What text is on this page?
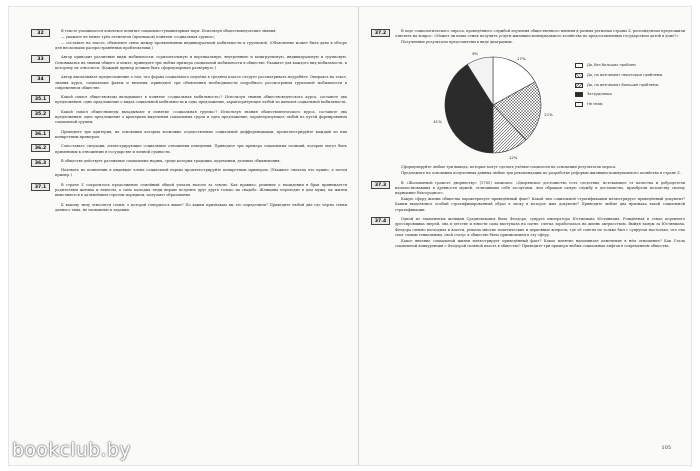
32	В тексте упоминается ключевое понятие социально-гуманитарных наук. Используя обществоведческие знания,

— укажите не менее трёх элементов (признаков) понятия «социальная группа»;

— составьте на тексте, объясните связь между проявлениями индивидуальной мобильности и групповой. (Объяснение может быть дано в обзоре для нескольких распространённых проблематики.)

33	Автор приводит различные виды мобильности: горизонтальную и вертикальную, внутреннюю и межгрупповую, индивидуальную и групповую. Основываясь на знании общего и опыте, приведите три любых примера социальной мобильности в обществе. Укажите для каждого вид мобильности, к которому он относится. (Каждый пример должен быть сформулирован развёрнуто.)

34	Автор высказывает предположение о том, что формы социального подъёма в среднем классе следует рассматривать подробнее. Опираясь на текст, знания курса, социальные факты и явления, приведите три объяснения необходимости подробного рассмотрения групповой мобильности в современном обществе.

35.1	Какой смысл обществоведы вкладывают в понятие «социальная мобильность»? Используя знания обществоведческого курса, составьте два предложения: одно предложение о видах социальной мобильности и одно предложение, характеризующее любой из каналов социальной мобильности.

35.2	Какой смысл обществоведы вкладывают в понятие «социальная группа»? Используя знания обществоведческого курса, составьте два предложения: одно предложение о критериях выделения социальных групп и одно предложение, характеризующее любой из путей формирования социальной группы.

36.1	Приведите три критерия, на основании которых возможно осуществление социальной дифференциации, проиллюстрируйте каждый из них конкретным примером.

36.2	Сопоставьте ситуации, иллюстрирующие социальные отношения поведения. Приведите три примера социальных позиций, которые могут быть применимы к отношению в государстве и личной сущности.

36.3	В обществе действует различные социальные нормы, среди которых традиции, церемонии, деловые обыкновения.

Назовите но появлении в индивиде члена социальной нормы проиллюстрируйте конкретным примером. (Укажите сначала что нужно, а потом пример.)

37.1	В стране Z сократилось продолжение семейный общей уплаты налоги за землю. Как правило, решение о вхождении в брак принимается родителями жениха и невесты, а само молодых люди вправе вступить друг друга только на свадьбе. Женщина переходит в дом мужа, их жизни выполняется в дальнейшем строгим порядком, получают образование.

К какому типу относится семья, о которой говорилось выше? По каким признакам вы это определили? Приведите любой два где черты семьи данного типа, не названные в задании.

37.2	В ходе социологического опроса, проведённого службой изучения общественного мнения в разных регионах страны Z, респондентам предложили ответить на вопрос: «Может ли наша семья получить услуги жилищно-коммунального хозяйства по предоставленных государством датой в доме?»

Полученные результаты представлены в виде диаграммы.

17%
21%
12%
41%
9%
Да, без больших проблем
Да, но возникают некоторые проблемы
Да, но возникают большие проблемы
Затрудняюсь
Не знаю

Сформулируйте любые три вывода, которые могут сделать учёные-социологи на основании результатов опроса.

Предложите на основании полученных данных любые три рекомендации по разработке реформы жилищно-коммунального хозяйства в стране Z.

37.3	В «Жалованной грамоте дворянству» (1785) записано: «Дворянское достоинство есть следствие, истекающее от качества и добродетели начальствовавших в древности мужей, отличивших себя заслугами, чем обращая самую службу в достоинство, приобрели потомству своему нарицание благородное».

Какую сферу жизни общества характеризует приведённый факт? Какой тип социальной стратификации иллюстрирует приведённый документ? Каким выделялись особый стратифицированный образ в эпоху в которое жил документ? Приведите любые два признака такой социальной стратификации.

37.4	Одной из знаменитых женщин Средневековья была Феодора, супруга императора Юстиниана Юстиниана. Рождённая в семье коренного дрессировщика зверей, она в детстве и юности сама выступала на сцене, слегка заработалась на жизнь актрисством. Выйдя замуж за Юстиниана, Феодора сильно восходила к власти, решала многие политические и церковные вопросы, где её советы не только был с супругом настолько, что она смог самым гениальным, свой статус в обществе было приписанием в эту сферу.

Какое явление социальной жизни иллюстрирует приведённый факт? Какое понятие напоминает изменение в нём отношение? Как Стала социальной конкуренция с Феодорой сильной власть в обществе? Приведите три примера любых социальных лифтов в современном обществе.

105
bookclub.by
